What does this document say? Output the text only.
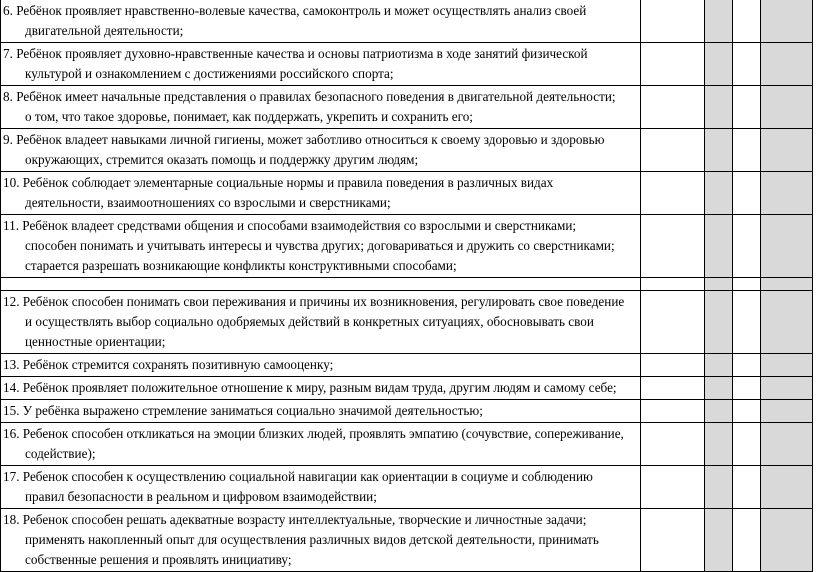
6. Ребёнок проявляет нравственно-волевые качества, самоконтроль и может осуществлять анализ своей
двигательной деятельности;				

7. Ребёнок проявляет духовно-нравственные качества и основы патриотизма в ходе занятий физической
культурой и ознакомлением с достижениями российского спорта;				

8. Ребёнок имеет начальные представления о правилах безопасного поведения в двигательной деятельности;
о том, что такое здоровье, понимает, как поддержать, укрепить и сохранить его;				

9. Ребёнок владеет навыками личной гигиены, может заботливо относиться к своему здоровью и здоровью
окружающих, стремится оказать помощь и поддержку другим людям;				

10. Ребёнок соблюдает элементарные социальные нормы и правила поведения в различных видах
деятельности, взаимоотношениях со взрослыми и сверстниками;				

11. Ребёнок владеет средствами общения и способами взаимодействия со взрослыми и сверстниками;
способен понимать и учитывать интересы и чувства других; договариваться и дружить со сверстниками;
старается разрешать возникающие конфликты конструктивными способами;				

12. Ребёнок способен понимать свои переживания и причины их возникновения, регулировать свое поведение
и осуществлять выбор социально одобряемых действий в конкретных ситуациях, обосновывать свои
ценностные ориентации;				

13. Ребёнок стремится сохранять позитивную самооценку;				

14. Ребёнок проявляет положительное отношение к миру, разным видам труда, другим людям и самому себе;				

15. У ребёнка выражено стремление заниматься социально значимой деятельностью;				

16. Ребенок способен откликаться на эмоции близких людей, проявлять эмпатию (сочувствие, сопереживание,
содействие);				

17. Ребенок способен к осуществлению социальной навигации как ориентации в социуме и соблюдению
правил безопасности в реальном и цифровом взаимодействии;				

18. Ребенок способен решать адекватные возрасту интеллектуальные, творческие и личностные задачи;
применять накопленный опыт для осуществления различных видов детской деятельности, принимать
собственные решения и проявлять инициативу;				
